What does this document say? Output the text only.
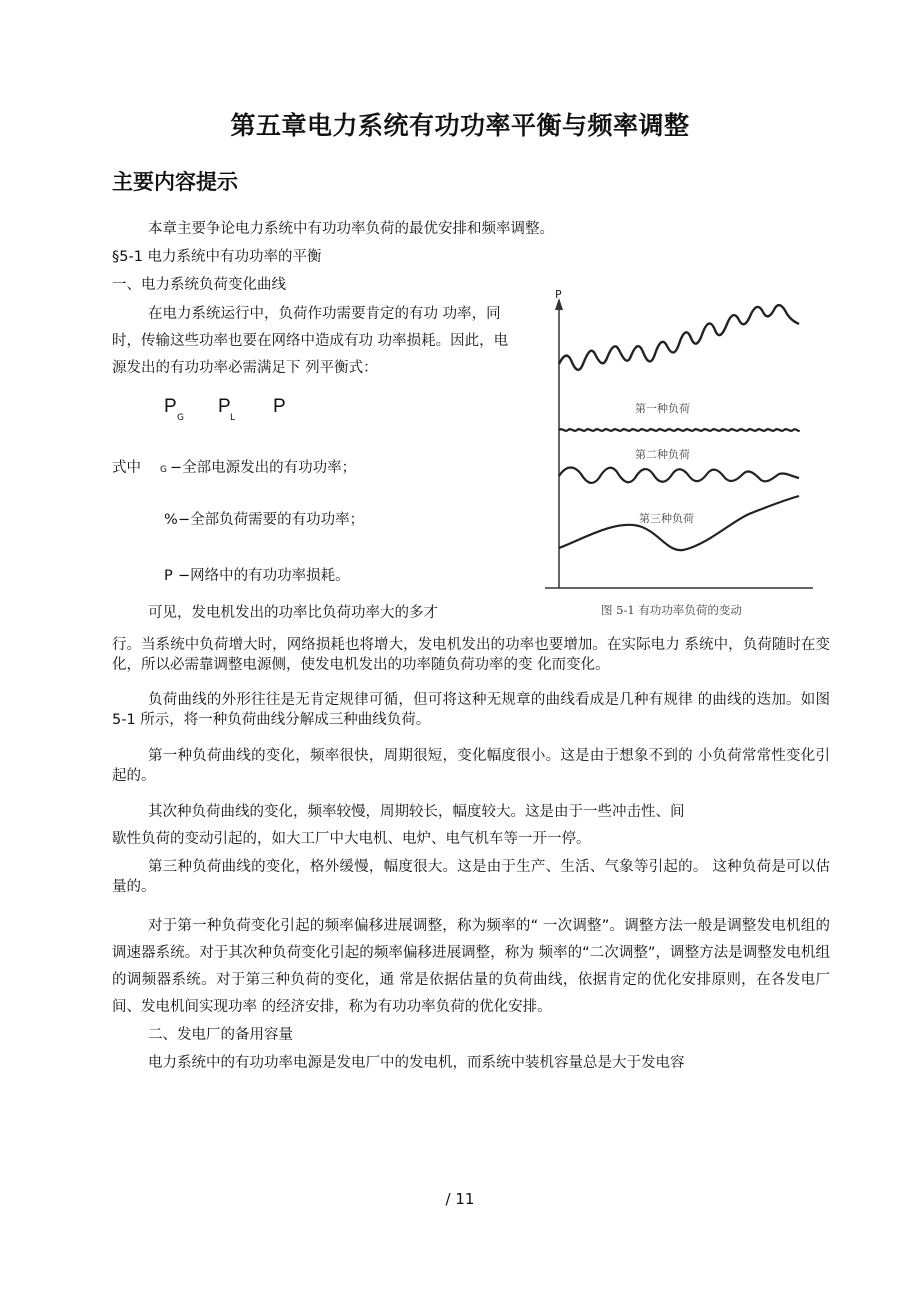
第五章电力系统有功功率平衡与频率调整
主要内容提示
本章主要争论电力系统中有功功率负荷的最优安排和频率调整。
§5-1 电力系统中有功功率的平衡
一、电力系统负荷变化曲线
在电力系统运行中，负荷作功需要肯定的有功 功率，同
时，传输这些功率也要在网络中造成有功 功率损耗。因此，电
源发出的有功功率必需满足下 列平衡式：
P
G
P
L
P
式中 G −全部电源发出的有功功率；
% −全部负荷需要的有功功率；
P −网络中的有功功率损耗。
可见，发电机发出的功率比负荷功率大的多才
P
第一种负荷
第二种负荷
第三种负荷
图 5-1 有功功率负荷的变动
行。当系统中负荷增大时，网络损耗也将增大，发电机发出的功率也要增加。在实际电力 系统中，负荷随时在变化，所以必需靠调整电源侧，使发电机发出的功率随负荷功率的变 化而变化。
负荷曲线的外形往往是无肯定规律可循，但可将这种无规章的曲线看成是几种有规律 的曲线的迭加。如图 5-1 所示，将一种负荷曲线分解成三种曲线负荷。
第一种负荷曲线的变化，频率很快，周期很短，变化幅度很小。这是由于想象不到的 小负荷常常性变化引起的。
其次种负荷曲线的变化，频率较慢，周期较长，幅度较大。这是由于一些冲击性、间
歇性负荷的变动引起的，如大工厂中大电机、电炉、电气机车等一开一停。
第三种负荷曲线的变化，格外缓慢，幅度很大。这是由于生产、生活、气象等引起的。 这种负荷是可以估量的。
对于第一种负荷变化引起的频率偏移进展调整，称为频率的“ 一次调整”。调整方法一般是调整发电机组的调速器系统。对于其次种负荷变化引起的频率偏移进展调整，称为 频率的“二次调整”，调整方法是调整发电机组的调频器系统。对于第三种负荷的变化，通 常是依据估量的负荷曲线，依据肯定的优化安排原则，在各发电厂间、发电机间实现功率 的经济安排，称为有功功率负荷的优化安排。
二、发电厂的备用容量
电力系统中的有功功率电源是发电厂中的发电机，而系统中装机容量总是大于发电容
/ 11
